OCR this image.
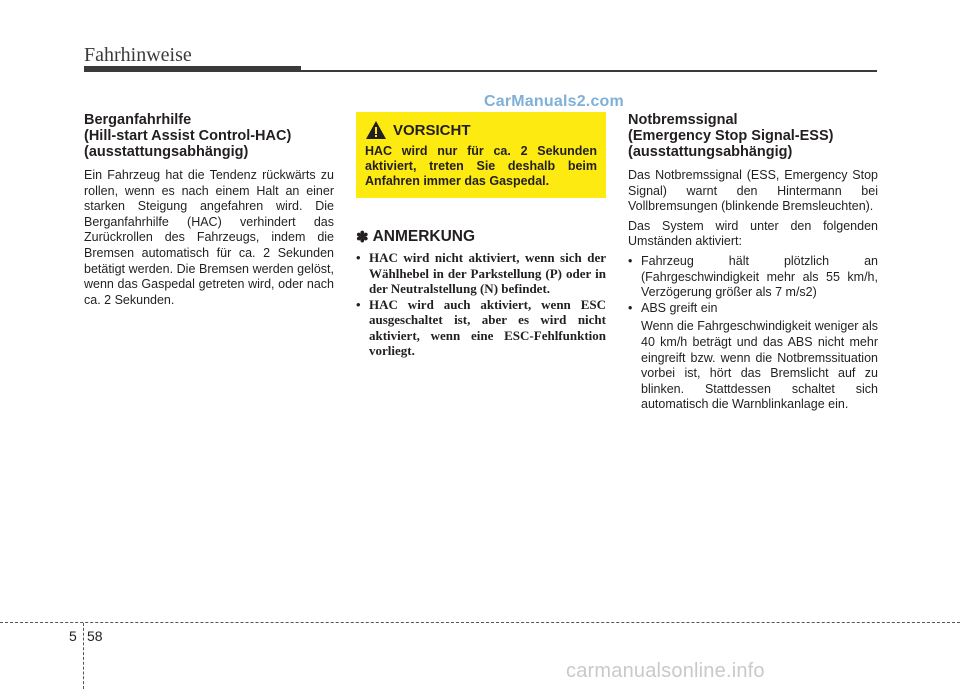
Fahrhinweise
CarManuals2.com
Berganfahrhilfe
(Hill-start Assist Control-HAC)
(ausstattungsabhängig)

Ein Fahrzeug hat die Tendenz rückwärts zu rollen, wenn es nach einem Halt an einer starken Steigung angefahren wird. Die Berganfahrhilfe (HAC) verhindert das Zurückrollen des Fahrzeugs, indem die Bremsen automatisch für ca. 2 Sekunden betätigt werden. Die Bremsen werden gelöst, wenn das Gaspedal getreten wird, oder nach ca. 2 Sekunden.

VORSICHT
HAC wird nur für ca. 2 Sekunden aktiviert, treten Sie deshalb beim Anfahren immer das Gaspedal.
✽ ANMERKUNG
• HAC wird nicht aktiviert, wenn sich der Wählhebel in der Parkstellung (P) oder in der Neutralstellung (N) befindet.
• HAC wird auch aktiviert, wenn ESC ausgeschaltet ist, aber es wird nicht aktiviert, wenn eine ESC-Fehlfunktion vorliegt.
Notbremssignal
(Emergency Stop Signal-ESS)
(ausstattungsabhängig)

Das Notbremssignal (ESS, Emergency Stop Signal) warnt den Hintermann bei Vollbremsungen (blinkende Bremsleuchten).

Das System wird unter den folgenden Umständen aktiviert:

• Fahrzeug hält plötzlich an (Fahrgeschwindigkeit mehr als 55 km/h, Verzögerung größer als 7 m/s2)
• ABS greift ein

Wenn die Fahrgeschwindigkeit weniger als 40 km/h beträgt und das ABS nicht mehr eingreift bzw. wenn die Notbremssituation vorbei ist, hört das Bremslicht auf zu blinken. Stattdessen schaltet sich automatisch die Warnblinkanlage ein.

5 58
carmanualsonline.info
